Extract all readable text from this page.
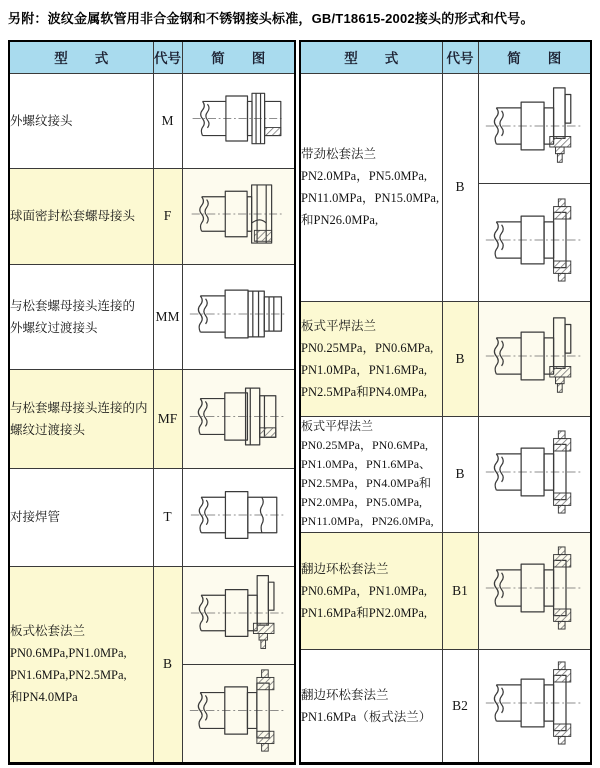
另附：波纹金属软管用非合金钢和不锈钢接头标准，GB/T18615-2002接头的形式和代号。
型　　式	代号	简　　图

外螺纹接头	M	

球面密封松套螺母接头	F	

与松套螺母接头连接的
外螺纹过渡接头	MM	

与松套螺母接头连接的内
螺纹过渡接头	MF	

对接焊管	T	

板式松套法兰
PN0.6MPa,PN1.0MPa,
PN1.6MPa,PN2.5MPa,
和PN4.0MPa	B	

型　　式	代号	简　　图

带劲松套法兰
PN2.0MPa，PN5.0MPa,
PN11.0MPa，PN15.0MPa,
和PN26.0MPa,	B	

板式平焊法兰
PN0.25MPa，PN0.6MPa,
PN1.0MPa，PN1.6MPa,
PN2.5MPa和PN4.0MPa,	B	

板式平焊法兰
PN0.25MPa，PN0.6MPa,
PN1.0MPa，PN1.6MPa、
PN2.5MPa，PN4.0MPa和
PN2.0MPa，PN5.0MPa,
PN11.0MPa，PN26.0MPa,
	B	

翻边环松套法兰
PN0.6MPa，PN1.0MPa,
PN1.6MPa和PN2.0MPa,	B1	

翻边环松套法兰
PN1.6MPa（板式法兰）	B2	
